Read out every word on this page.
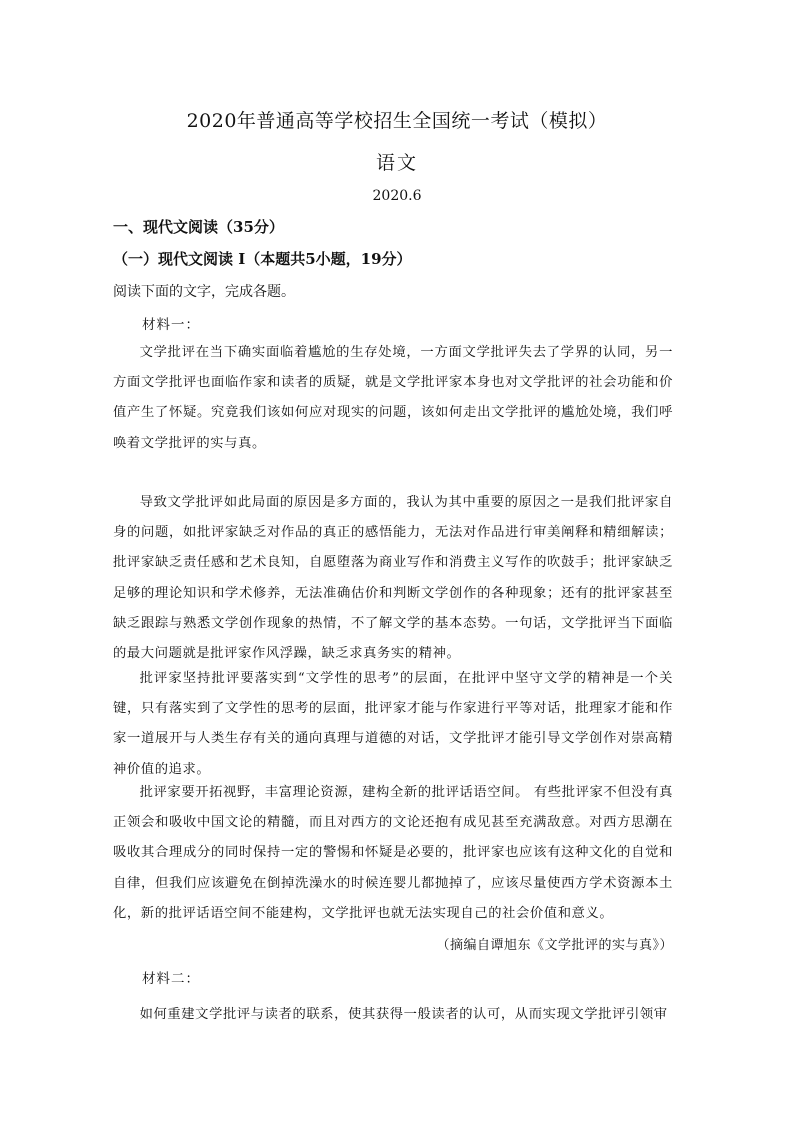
2020年普通高等学校招生全国统一考试（模拟）
语文
2020.6
一、现代文阅读（35分）
（一）现代文阅读 I（本题共5小题，19分）
阅读下面的文字，完成各题。
材料一：

文学批评在当下确实面临着尴尬的生存处境，一方面文学批评失去了学界的认同，另一方面文学批评也面临作家和读者的质疑，就是文学批评家本身也对文学批评的社会功能和价值产生了怀疑。究竟我们该如何应对现实的问题，该如何走出文学批评的尴尬处境，我们呼唤着文学批评的实与真。

导致文学批评如此局面的原因是多方面的，我认为其中重要的原因之一是我们批评家自身的问题，如批评家缺乏对作品的真正的感悟能力，无法对作品进行审美阐释和精细解读；批评家缺乏责任感和艺术良知，自愿堕落为商业写作和消费主义写作的吹鼓手；批评家缺乏足够的理论知识和学术修养，无法准确估价和判断文学创作的各种现象；还有的批评家甚至缺乏跟踪与熟悉文学创作现象的热情，不了解文学的基本态势。一句话，文学批评当下面临的最大问题就是批评家作风浮躁，缺乏求真务实的精神。

批评家坚持批评要落实到“文学性的思考”的层面，在批评中坚守文学的精神是一个关键，只有落实到了文学性的思考的层面，批评家才能与作家进行平等对话，批理家才能和作家一道展开与人类生存有关的通向真理与道德的对话，文学批评才能引导文学创作对崇高精神价值的追求。

批评家要开拓视野，丰富理论资源，建构全新的批评话语空间。 有些批评家不但没有真正领会和吸收中国文论的精髓，而且对西方的文论还抱有成见甚至充满敌意。对西方思潮在吸收其合理成分的同时保持一定的警惕和怀疑是必要的，批评家也应该有这种文化的自觉和自律，但我们应该避免在倒掉洗澡水的时候连婴儿都抛掉了，应该尽量使西方学术资源本土化，新的批评话语空间不能建构，文学批评也就无法实现自己的社会价值和意义。

（摘编自谭旭东《文学批评的实与真》）
材料二：

如何重建文学批评与读者的联系，使其获得一般读者的认可，从而实现文学批评引领审
